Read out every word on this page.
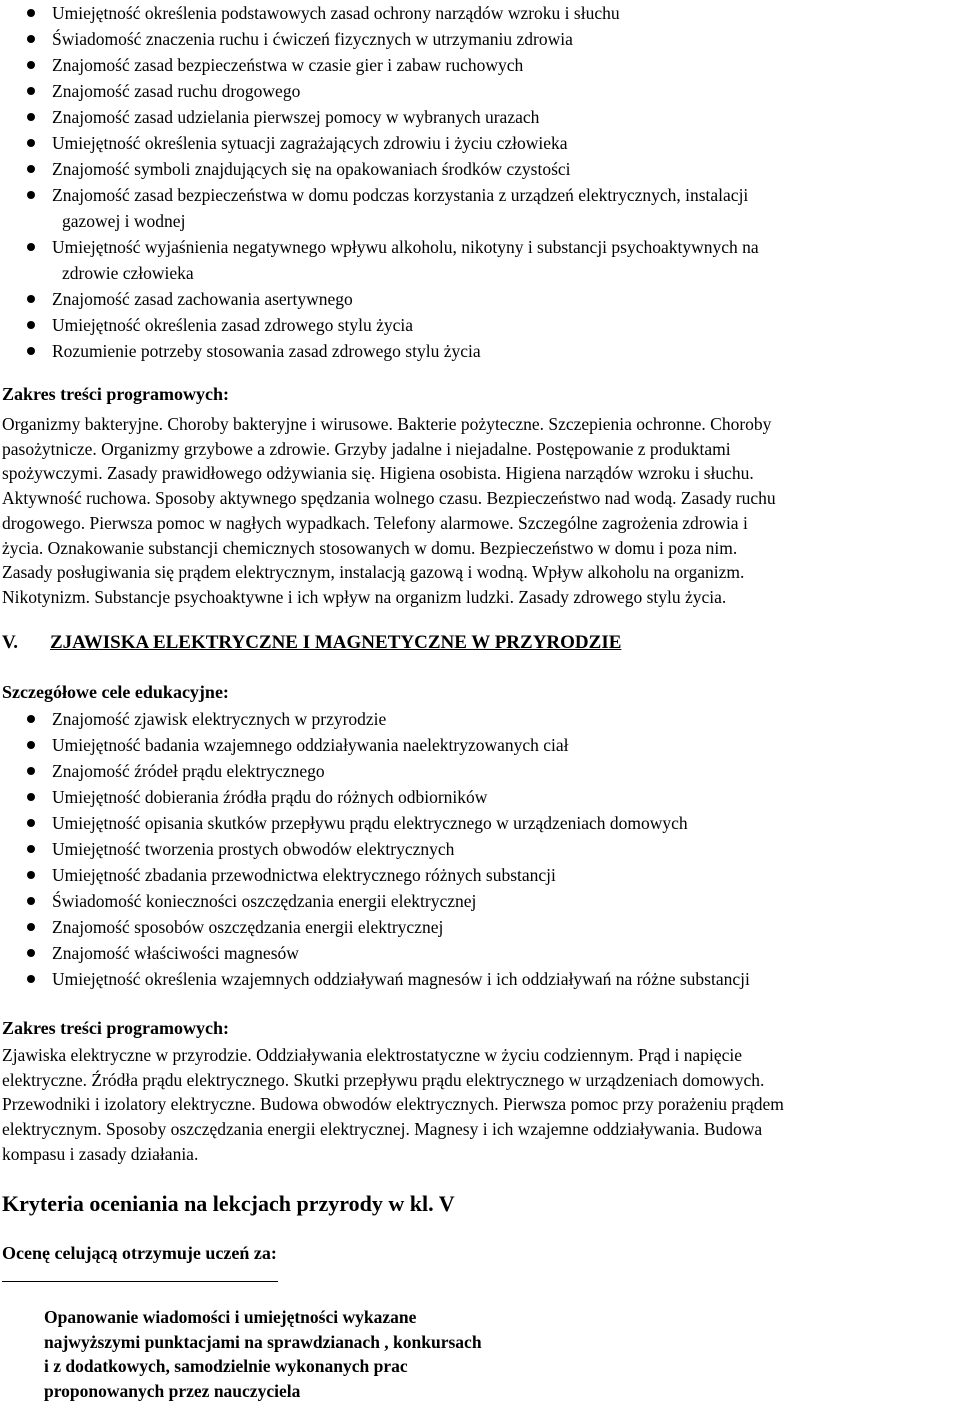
Umiejętność określenia podstawowych zasad ochrony narządów wzroku i słuchu
Świadomość znaczenia ruchu i ćwiczeń fizycznych w utrzymaniu zdrowia
Znajomość zasad bezpieczeństwa w czasie gier i zabaw ruchowych
Znajomość zasad ruchu drogowego
Znajomość zasad udzielania pierwszej pomocy w wybranych urazach
Umiejętność określenia sytuacji zagrażających zdrowiu i życiu człowieka
Znajomość symboli znajdujących się na opakowaniach środków czystości
Znajomość zasad bezpieczeństwa w domu podczas korzystania z urządzeń elektrycznych, instalacji
gazowej i wodnej
Umiejętność wyjaśnienia negatywnego wpływu alkoholu, nikotyny i substancji psychoaktywnych na
zdrowie człowieka
Znajomość zasad zachowania asertywnego
Umiejętność określenia zasad zdrowego stylu życia
Rozumienie potrzeby stosowania zasad zdrowego stylu życia
Zakres treści programowych:
Organizmy bakteryjne. Choroby bakteryjne i wirusowe. Bakterie pożyteczne. Szczepienia ochronne. Choroby
pasożytnicze. Organizmy grzybowe a zdrowie. Grzyby jadalne i niejadalne. Postępowanie z produktami
spożywczymi. Zasady prawidłowego odżywiania się. Higiena osobista. Higiena narządów wzroku i słuchu.
Aktywność ruchowa. Sposoby aktywnego spędzania wolnego czasu. Bezpieczeństwo nad wodą. Zasady ruchu
drogowego. Pierwsza pomoc w nagłych wypadkach. Telefony alarmowe. Szczególne zagrożenia zdrowia i
życia. Oznakowanie substancji chemicznych stosowanych w domu. Bezpieczeństwo w domu i poza nim.
Zasady posługiwania się prądem elektrycznym, instalacją gazową i wodną. Wpływ alkoholu na organizm.
Nikotynizm. Substancje psychoaktywne i ich wpływ na organizm ludzki. Zasady zdrowego stylu życia.
V. ZJAWISKA ELEKTRYCZNE I MAGNETYCZNE W PRZYRODZIE
Szczegółowe cele edukacyjne:
Znajomość zjawisk elektrycznych w przyrodzie
Umiejętność badania wzajemnego oddziaływania naelektryzowanych ciał
Znajomość źródeł prądu elektrycznego
Umiejętność dobierania źródła prądu do różnych odbiorników
Umiejętność opisania skutków przepływu prądu elektrycznego w urządzeniach domowych
Umiejętność tworzenia prostych obwodów elektrycznych
Umiejętność zbadania przewodnictwa elektrycznego różnych substancji
Świadomość konieczności oszczędzania energii elektrycznej
Znajomość sposobów oszczędzania energii elektrycznej
Znajomość właściwości magnesów
Umiejętność określenia wzajemnych oddziaływań magnesów i ich oddziaływań na różne substancji
Zakres treści programowych:
Zjawiska elektryczne w przyrodzie. Oddziaływania elektrostatyczne w życiu codziennym. Prąd i napięcie
elektryczne. Źródła prądu elektrycznego. Skutki przepływu prądu elektrycznego w urządzeniach domowych.
Przewodniki i izolatory elektryczne. Budowa obwodów elektrycznych. Pierwsza pomoc przy porażeniu prądem
elektrycznym. Sposoby oszczędzania energii elektrycznej. Magnesy i ich wzajemne oddziaływania. Budowa
kompasu i zasady działania.
Kryteria oceniania na lekcjach przyrody w kl. V
Ocenę celującą otrzymuje uczeń za:
Opanowanie wiadomości i umiejętności wykazane
najwyższymi punktacjami na sprawdzianach , konkursach
i z dodatkowych, samodzielnie wykonanych prac
proponowanych przez nauczyciela
